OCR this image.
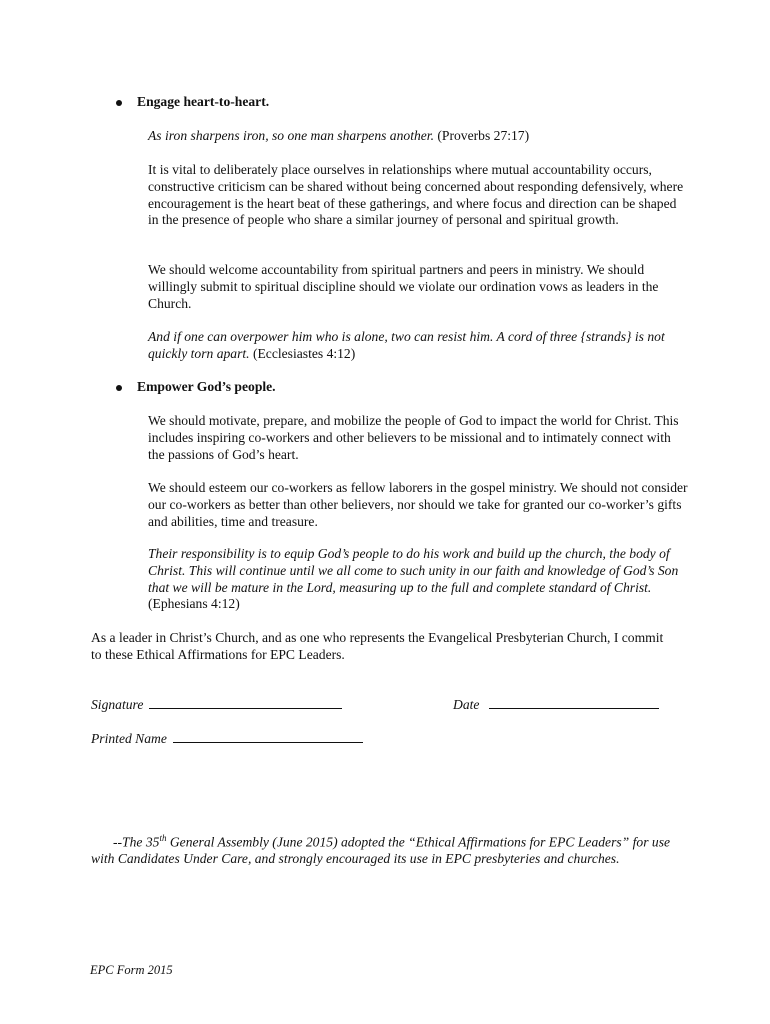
Engage heart-to-heart.
As iron sharpens iron, so one man sharpens another. (Proverbs 27:17)
It is vital to deliberately place ourselves in relationships where mutual accountability occurs, constructive criticism can be shared without being concerned about responding defensively, where encouragement is the heart beat of these gatherings, and where focus and direction can be shaped in the presence of people who share a similar journey of personal and spiritual growth.
We should welcome accountability from spiritual partners and peers in ministry. We should willingly submit to spiritual discipline should we violate our ordination vows as leaders in the Church.
And if one can overpower him who is alone, two can resist him. A cord of three {strands} is not quickly torn apart. (Ecclesiastes 4:12)
Empower God’s people.
We should motivate, prepare, and mobilize the people of God to impact the world for Christ. This includes inspiring co-workers and other believers to be missional and to intimately connect with the passions of God’s heart.
We should esteem our co-workers as fellow laborers in the gospel ministry. We should not consider our co-workers as better than other believers, nor should we take for granted our co-worker’s gifts and abilities, time and treasure.
Their responsibility is to equip God’s people to do his work and build up the church, the body of Christ. This will continue until we all come to such unity in our faith and knowledge of God’s Son that we will be mature in the Lord, measuring up to the full and complete standard of Christ. (Ephesians 4:12)
As a leader in Christ’s Church, and as one who represents the Evangelical Presbyterian Church, I commit to these Ethical Affirmations for EPC Leaders.
Signature	Date
Printed Name
--The 35th General Assembly (June 2015) adopted the “Ethical Affirmations for EPC Leaders” for use with Candidates Under Care, and strongly encouraged its use in EPC presbyteries and churches.
EPC Form 2015
